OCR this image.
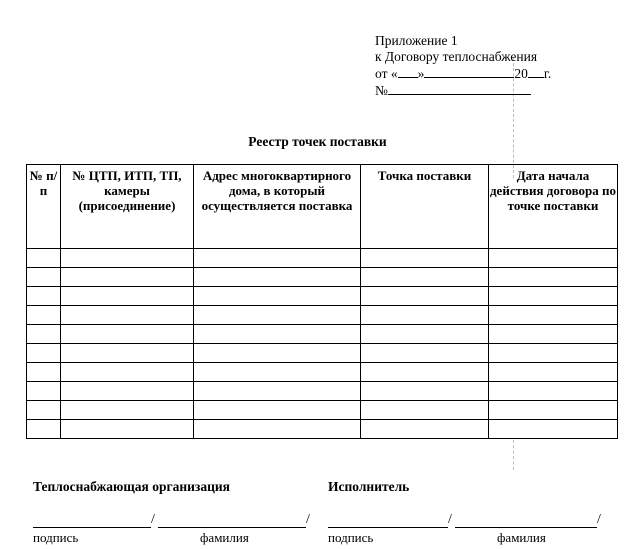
Приложение 1
к Договору теплоснабжения
от « »	20 г.
№
Реестр точек поставки
№ п/п	№ ЦТП, ИТП, ТП, камеры (присоединение)	Адрес многоквартирного дома, в который осуществляется поставка	Точка поставки	Дата начала действия договора по точке поставки

Теплоснабжающая организация	Исполнитель
/	/	/	/
подпись	фамилия	подпись	фамилия
